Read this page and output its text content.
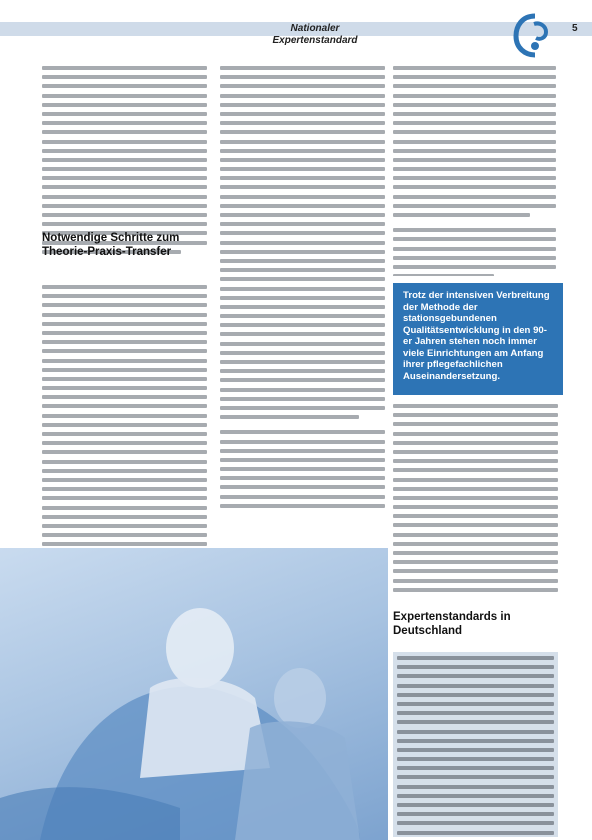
Nationaler Expertenstandard
5
Notwendige Schritte zum Theorie-Praxis-Transfer
Trotz der intensiven Verbreitung der Methode der stationsgebundenen Qualitätsentwicklung in den 90-er Jahren stehen noch immer viele Einrichtungen am Anfang ihrer pflegefachlichen Auseinandersetzung.
Expertenstandards in Deutschland
